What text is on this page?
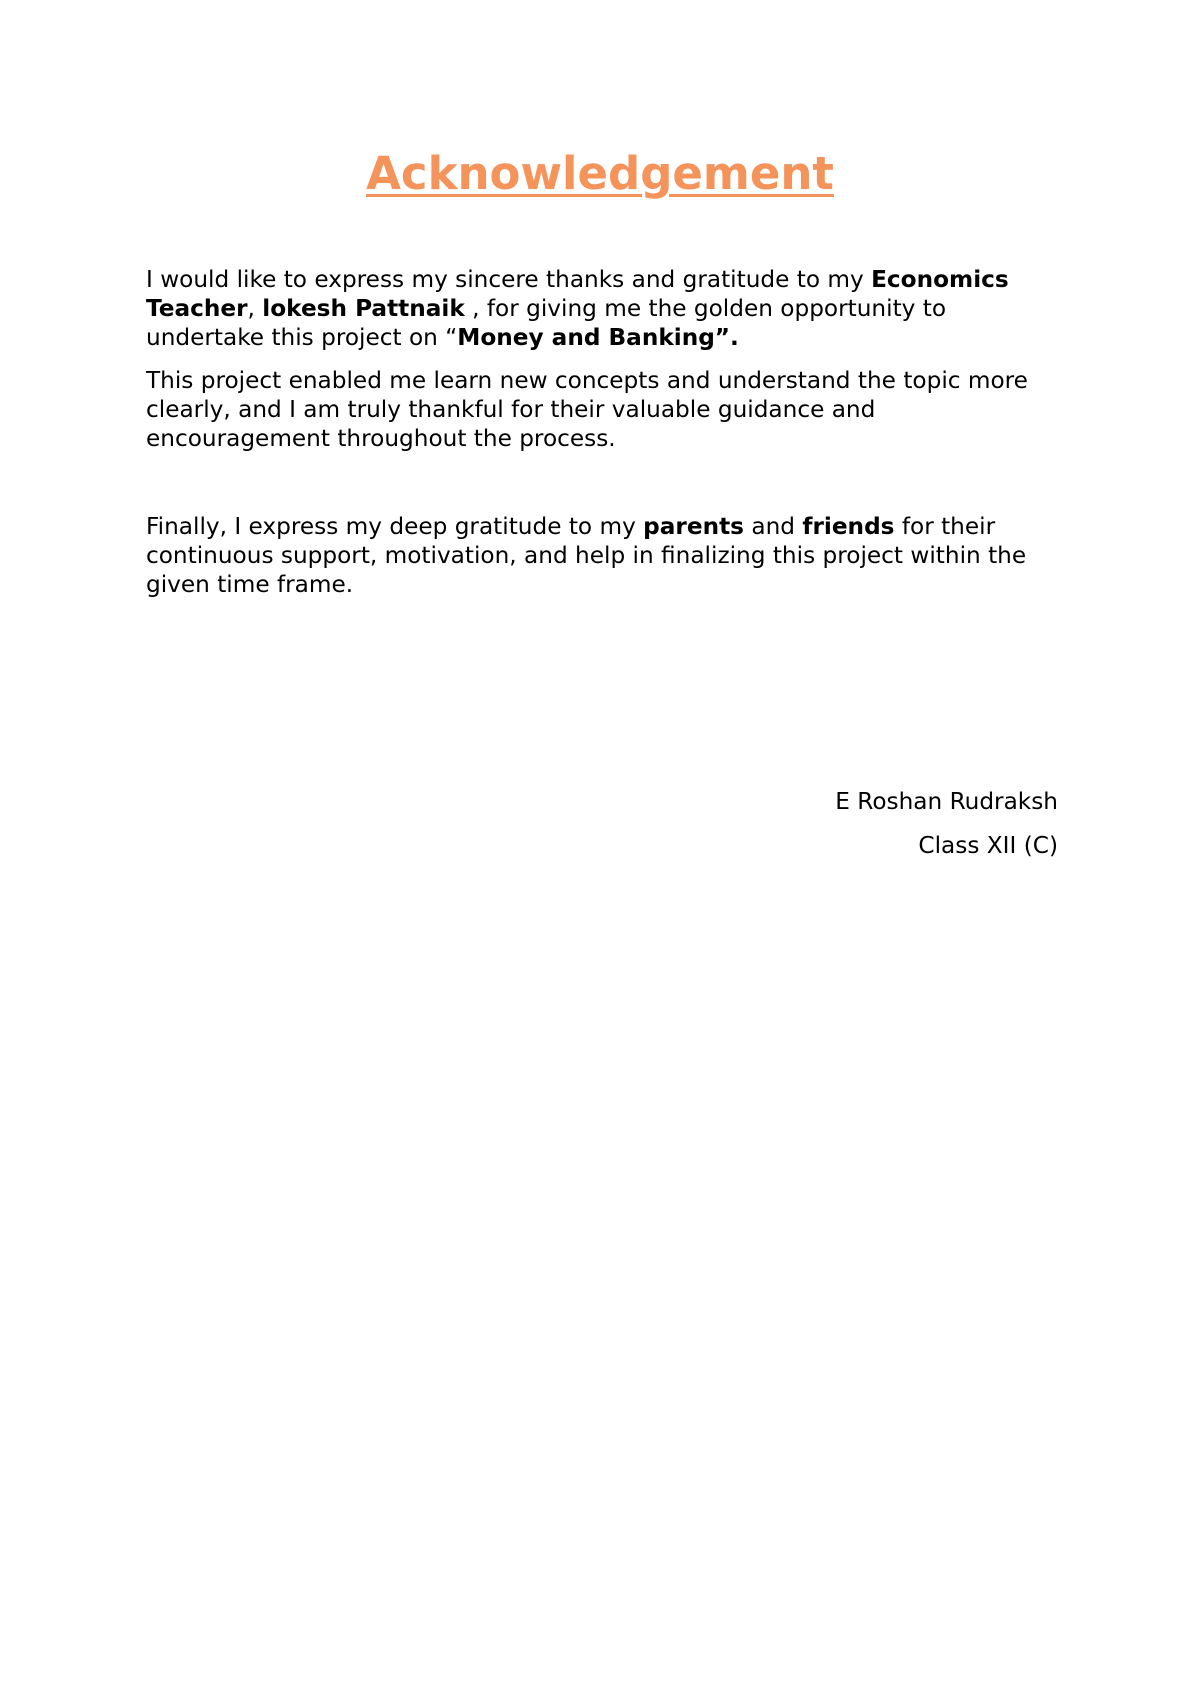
Acknowledgement

I would like to express my sincere thanks and gratitude to my Economics Teacher, lokesh Pattnaik , for giving me the golden opportunity to undertake this project on “Money and Banking”.

This project enabled me learn new concepts and understand the topic more clearly, and I am truly thankful for their valuable guidance and encouragement throughout the process.

Finally, I express my deep gratitude to my parents and friends for their continuous support, motivation, and help in finalizing this project within the given time frame.

E Roshan Rudraksh
Class XII (C)
